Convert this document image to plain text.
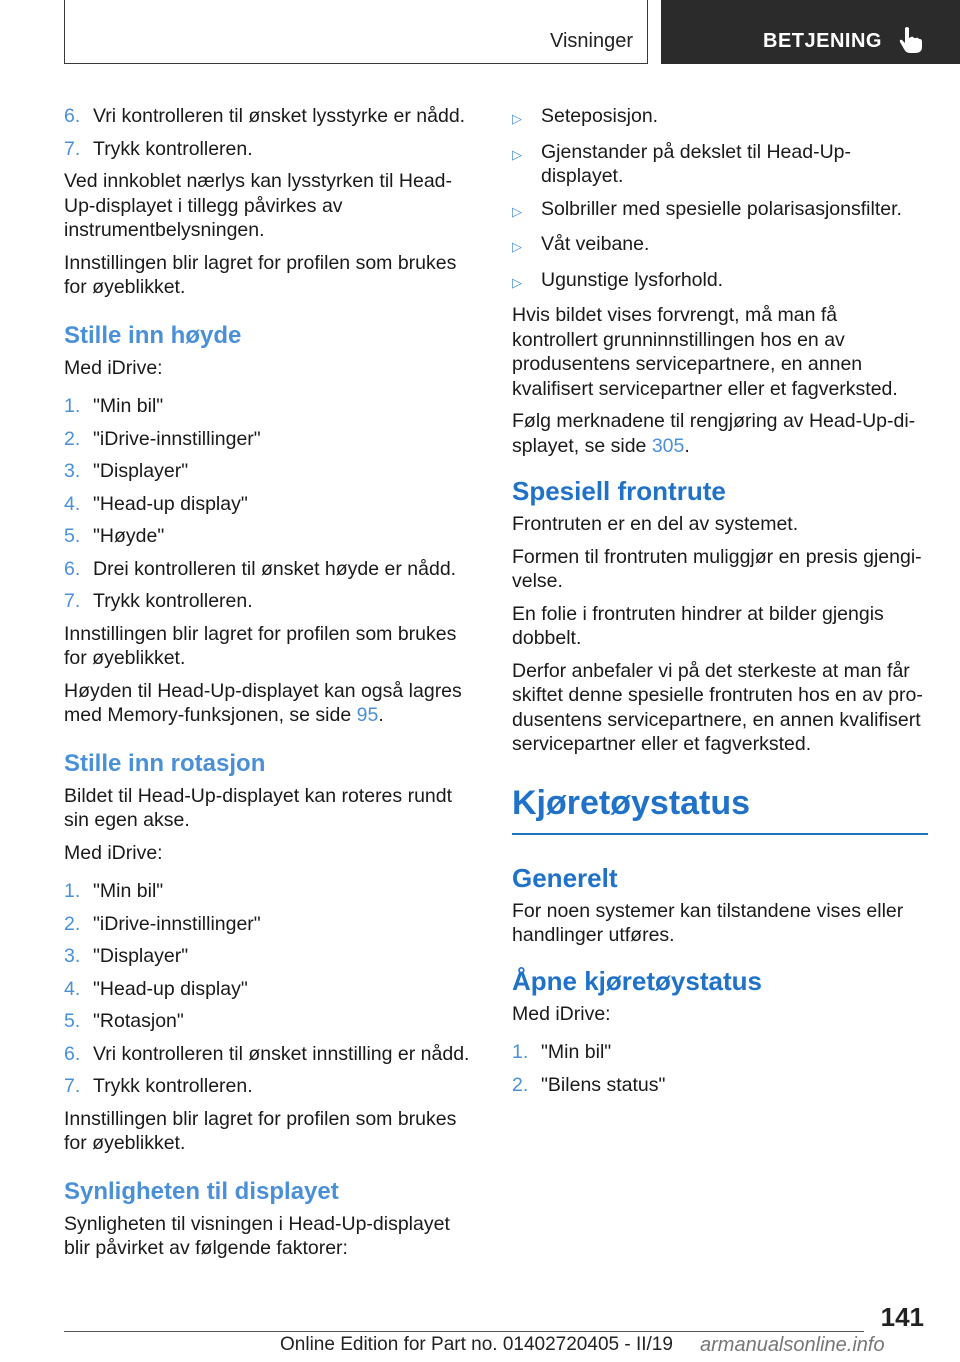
Visninger	BETJENING
6. Vri kontrolleren til ønsket lysstyrke er nådd.
7. Trykk kontrolleren.

Ved innkoblet nærlys kan lysstyrken til Head-Up-displayet i tillegg påvirkes av instrumentbelysningen.

Innstillingen blir lagret for profilen som brukes for øyeblikket.

Stille inn høyde

Med iDrive:

1. "Min bil"
2. "iDrive-innstillinger"
3. "Displayer"
4. "Head-up display"
5. "Høyde"
6. Drei kontrolleren til ønsket høyde er nådd.
7. Trykk kontrolleren.

Innstillingen blir lagret for profilen som brukes for øyeblikket.

Høyden til Head-Up-displayet kan også lagres med Memory-funksjonen, se side 95.

Stille inn rotasjon

Bildet til Head-Up-displayet kan roteres rundt sin egen akse.

Med iDrive:

1. "Min bil"
2. "iDrive-innstillinger"
3. "Displayer"
4. "Head-up display"
5. "Rotasjon"
6. Vri kontrolleren til ønsket innstilling er nådd.
7. Trykk kontrolleren.

Innstillingen blir lagret for profilen som brukes for øyeblikket.

Synligheten til displayet

Synligheten til visningen i Head-Up-displayet blir påvirket av følgende faktorer:

▷ Seteposisjon.
▷ Gjenstander på dekslet til Head-Up-displayet.
▷ Solbriller med spesielle polarisasjonsfilter.
▷ Våt veibane.
▷ Ugunstige lysforhold.

Hvis bildet vises forvrengt, må man få kontrollert grunninnstillingen hos en av produsentens servicepartnere, en annen kvalifisert servicepartner eller et fagverksted.

Følg merknadene til rengjøring av Head-Up-displayet, se side 305.

Spesiell frontrute

Frontruten er en del av systemet.

Formen til frontruten muliggjør en presis gjengivelse.

En folie i frontruten hindrer at bilder gjengis dobbelt.

Derfor anbefaler vi på det sterkeste at man får skiftet denne spesielle frontruten hos en av produsentens servicepartnere, en annen kvalifisert servicepartner eller et fagverksted.

Kjøretøystatus
Generelt

For noen systemer kan tilstandene vises eller handlinger utføres.

Åpne kjøretøystatus

Med iDrive:

1. "Min bil"
2. "Bilens status"
141
Online Edition for Part no. 01402720405 - II/19 armanualsonline.info
